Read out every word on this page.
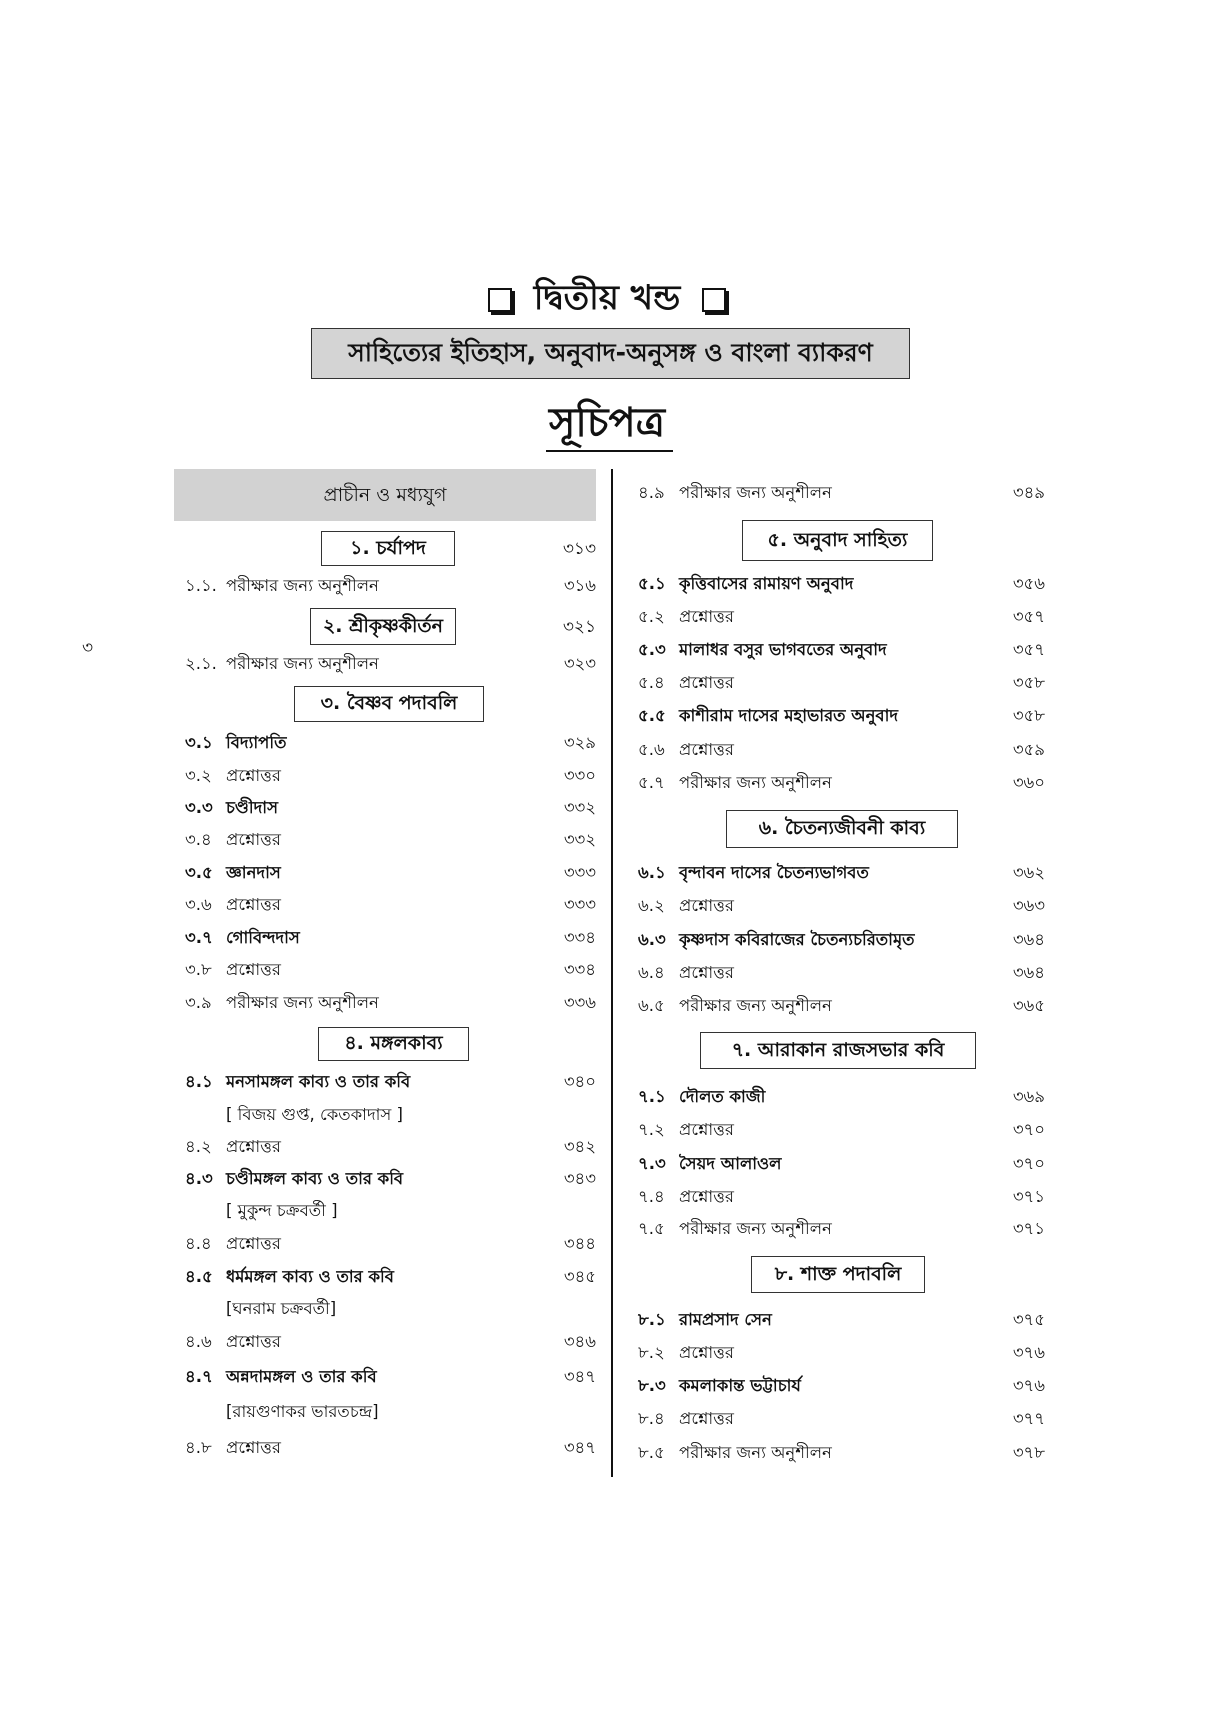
দ্বিতীয় খন্ড
সাহিত্যের ইতিহাস, অনুবাদ-অনুসঙ্গ ও বাংলা ব্যাকরণ
সূচিপত্র
প্রাচীন ও মধ্যযুগ
৩
১. চর্যাপদ	৩১৩
১.১. পরীক্ষার জন্য অনুশীলন	৩১৬
২. শ্রীকৃষ্ণকীর্তন	৩২১
২.১. পরীক্ষার জন্য অনুশীলন	৩২৩
৩. বৈষ্ণব পদাবলি
৩.১ বিদ্যাপতি	৩২৯
৩.২ প্রশ্নোত্তর	৩৩০
৩.৩ চণ্ডীদাস	৩৩২
৩.৪ প্রশ্নোত্তর	৩৩২
৩.৫ জ্ঞানদাস	৩৩৩
৩.৬ প্রশ্নোত্তর	৩৩৩
৩.৭ গোবিন্দদাস	৩৩৪
৩.৮ প্রশ্নোত্তর	৩৩৪
৩.৯ পরীক্ষার জন্য অনুশীলন	৩৩৬
৪. মঙ্গলকাব্য
৪.১ মনসামঙ্গল কাব্য ও তার কবি	৩৪০
[ বিজয় গুপ্ত, কেতকাদাস ]
৪.২ প্রশ্নোত্তর	৩৪২
৪.৩ চণ্ডীমঙ্গল কাব্য ও তার কবি	৩৪৩
[ মুকুন্দ চক্রবর্তী ]
৪.৪ প্রশ্নোত্তর	৩৪৪
৪.৫ ধর্মমঙ্গল কাব্য ও তার কবি	৩৪৫
[ঘনরাম চক্রবর্তী]
৪.৬ প্রশ্নোত্তর	৩৪৬
৪.৭ অন্নদামঙ্গল ও তার কবি	৩৪৭
[রায়গুণাকর ভারতচন্দ্র]
৪.৮ প্রশ্নোত্তর	৩৪৭
৪.৯ পরীক্ষার জন্য অনুশীলন	৩৪৯
৫. অনুবাদ সাহিত্য
৫.১ কৃত্তিবাসের রামায়ণ অনুবাদ	৩৫৬
৫.২ প্রশ্নোত্তর	৩৫৭
৫.৩ মালাধর বসুর ভাগবতের অনুবাদ	৩৫৭
৫.৪ প্রশ্নোত্তর	৩৫৮
৫.৫ কাশীরাম দাসের মহাভারত অনুবাদ	৩৫৮
৫.৬ প্রশ্নোত্তর	৩৫৯
৫.৭ পরীক্ষার জন্য অনুশীলন	৩৬০
৬. চৈতন্যজীবনী কাব্য
৬.১ বৃন্দাবন দাসের চৈতন্যভাগবত	৩৬২
৬.২ প্রশ্নোত্তর	৩৬৩
৬.৩ কৃষ্ণদাস কবিরাজের চৈতন্যচরিতামৃত	৩৬৪
৬.৪ প্রশ্নোত্তর	৩৬৪
৬.৫ পরীক্ষার জন্য অনুশীলন	৩৬৫
৭. আরাকান রাজসভার কবি
৭.১ দৌলত কাজী	৩৬৯
৭.২ প্রশ্নোত্তর	৩৭০
৭.৩ সৈয়দ আলাওল	৩৭০
৭.৪ প্রশ্নোত্তর	৩৭১
৭.৫ পরীক্ষার জন্য অনুশীলন	৩৭১
৮. শাক্ত পদাবলি
৮.১ রামপ্রসাদ সেন	৩৭৫
৮.২ প্রশ্নোত্তর	৩৭৬
৮.৩ কমলাকান্ত ভট্টাচার্য	৩৭৬
৮.৪ প্রশ্নোত্তর	৩৭৭
৮.৫ পরীক্ষার জন্য অনুশীলন	৩৭৮
